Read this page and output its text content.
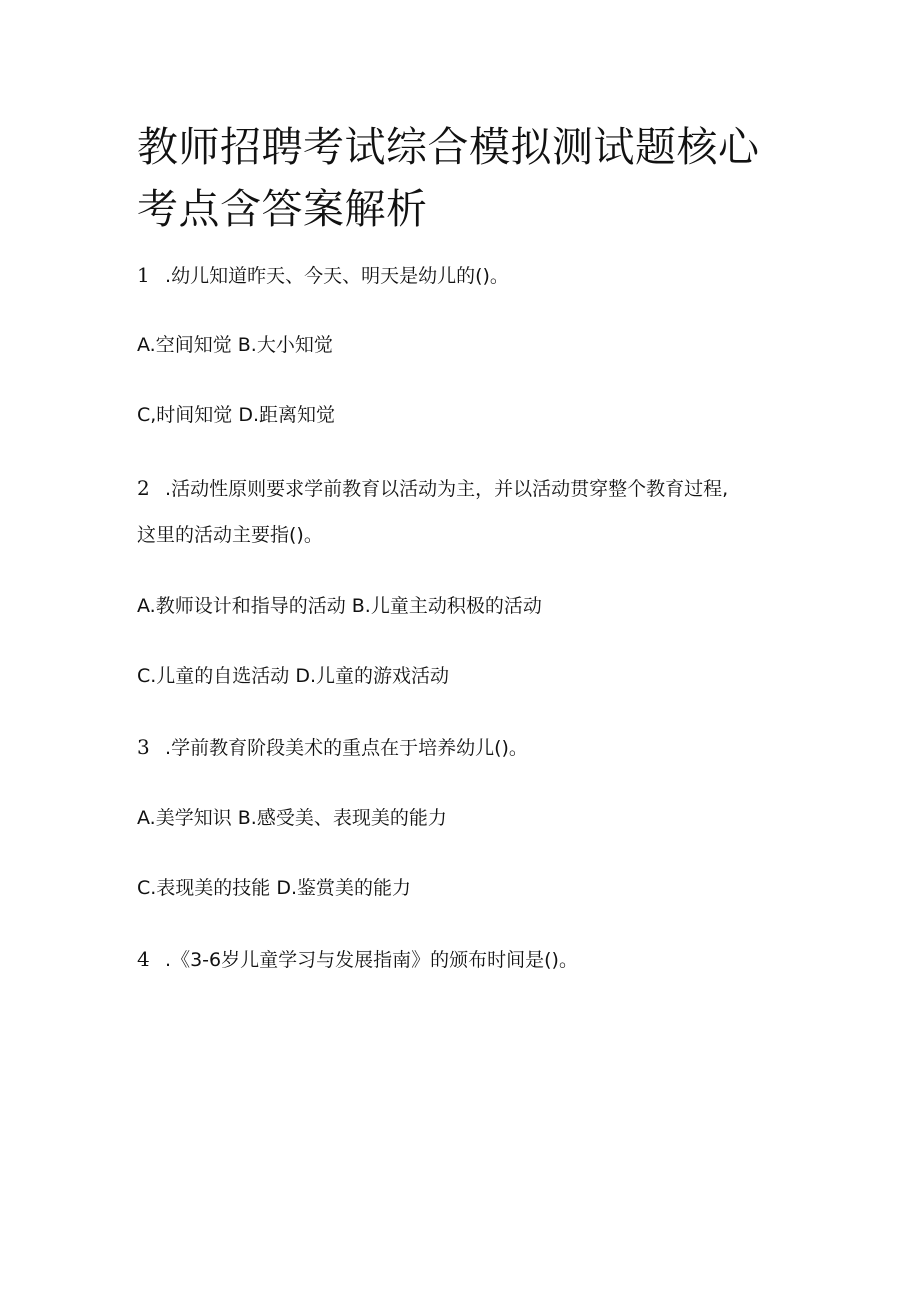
教师招聘考试综合模拟测试题核心
考点含答案解析

1 .幼儿知道昨天、今天、明天是幼儿的()。

A.空间知觉 B.大小知觉

C,时间知觉 D.距离知觉

2 .活动性原则要求学前教育以活动为主，并以活动贯穿整个教育过程,

这里的活动主要指()。

A.教师设计和指导的活动 B.儿童主动积极的活动

C.儿童的自选活动 D.儿童的游戏活动

3 .学前教育阶段美术的重点在于培养幼儿()。

A.美学知识 B.感受美、表现美的能力

C.表现美的技能 D.鉴赏美的能力

4 .《3-6岁儿童学习与发展指南》的颁布时间是()。
